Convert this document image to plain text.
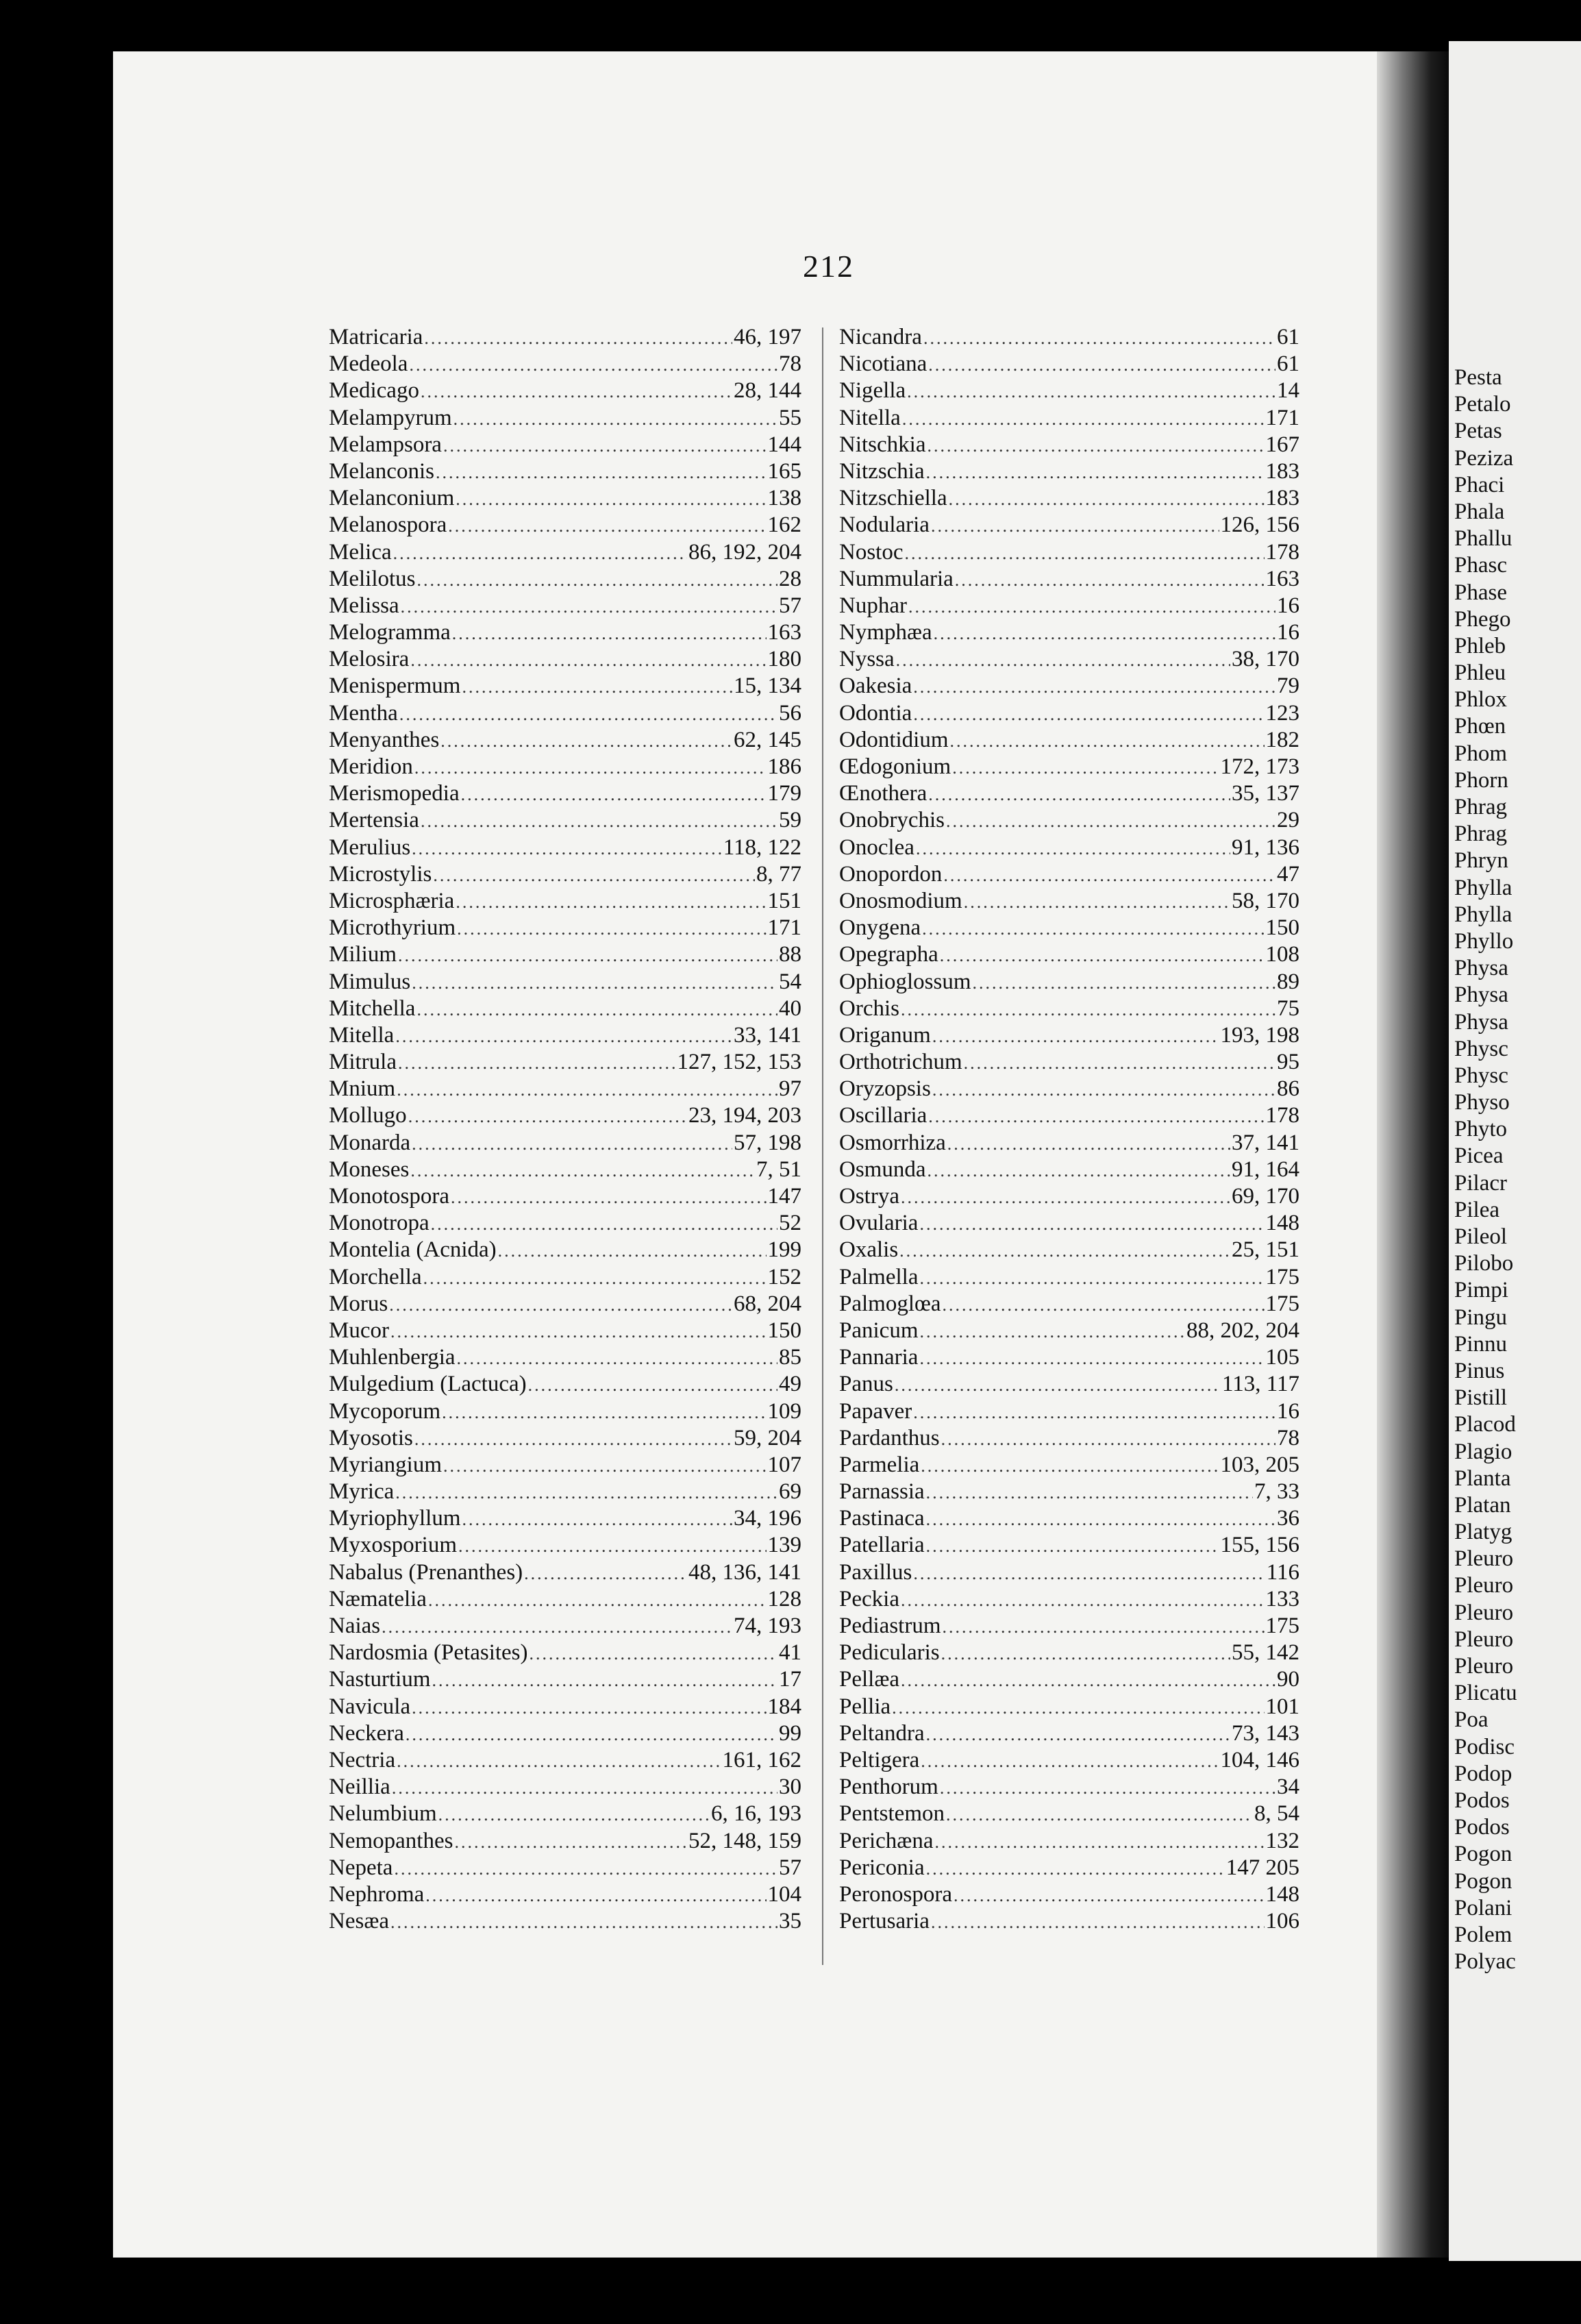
Pesta
Petalo
Petas
Peziza
Phaci
Phala
Phallu
Phasc
Phase
Phego
Phleb
Phleu
Phlox
Phœn
Phom
Phorn
Phrag
Phrag
Phryn
Phylla
Phylla
Phyllo
Physa
Physa
Physa
Physc
Physc
Physo
Phyto
Picea
Pilacr
Pilea
Pileol
Pilobo
Pimpi
Pingu
Pinnu
Pinus
Pistill
Placod
Plagio
Planta
Platan
Platyg
Pleuro
Pleuro
Pleuro
Pleuro
Pleuro
Plicatu
Poa
Podisc
Podop
Podos
Podos
Pogon
Pogon
Polani
Polem
Polyac
212
Matricaria .....	46, 197
Medeola .....	78
Medicago .....	28, 144
Melampyrum .....	55
Melampsora .....	144
Melanconis .....	165
Melanconium .....	138
Melanospora .....	162
Melica .....	86, 192, 204
Melilotus .....	28
Melissa .....	57
Melogramma .....	163
Melosira .....	180
Menispermum .....	15, 134
Mentha .....	56
Menyanthes .....	62, 145
Meridion .....	186
Merismopedia .....	179
Mertensia .....	59
Merulius .....	118, 122
Microstylis .....	8, 77
Microsphæria .....	151
Microthyrium .....	171
Milium .....	88
Mimulus .....	54
Mitchella .....	40
Mitella .....	33, 141
Mitrula .....	127, 152, 153
Mnium .....	97
Mollugo .....	23, 194, 203
Monarda .....	57, 198
Moneses .....	7, 51
Monotospora .....	147
Monotropa .....	52
Montelia (Acnida) .....	199
Morchella .....	152
Morus .....	68, 204
Mucor .....	150
Muhlenbergia .....	85
Mulgedium (Lactuca) .....	49
Mycoporum .....	109
Myosotis .....	59, 204
Myriangium .....	107
Myrica .....	69
Myriophyllum .....	34, 196
Myxosporium .....	139
Nabalus (Prenanthes) .....	48, 136, 141
Næmatelia .....	128
Naias .....	74, 193
Nardosmia (Petasites) .....	41
Nasturtium .....	17
Navicula .....	184
Neckera .....	99
Nectria .....	161, 162
Neillia .....	30
Nelumbium .....	6, 16, 193
Nemopanthes .....	52, 148, 159
Nepeta .....	57
Nephroma .....	104
Nesæa .....	35
Nicandra .....	61
Nicotiana .....	61
Nigella .....	14
Nitella .....	171
Nitschkia .....	167
Nitzschia .....	183
Nitzschiella .....	183
Nodularia .....	126, 156
Nostoc .....	178
Nummularia .....	163
Nuphar .....	16
Nymphæa .....	16
Nyssa .....	38, 170
Oakesia .....	79
Odontia .....	123
Odontidium .....	182
Œdogonium .....	172, 173
Œnothera .....	35, 137
Onobrychis .....	29
Onoclea .....	91, 136
Onopordon .....	47
Onosmodium .....	58, 170
Onygena .....	150
Opegrapha .....	108
Ophioglossum .....	89
Orchis .....	75
Origanum .....	193, 198
Orthotrichum .....	95
Oryzopsis .....	86
Oscillaria .....	178
Osmorrhiza .....	37, 141
Osmunda .....	91, 164
Ostrya .....	69, 170
Ovularia .....	148
Oxalis .....	25, 151
Palmella .....	175
Palmoglœa .....	175
Panicum .....	88, 202, 204
Pannaria .....	105
Panus .....	113, 117
Papaver .....	16
Pardanthus .....	78
Parmelia .....	103, 205
Parnassia .....	7, 33
Pastinaca .....	36
Patellaria .....	155, 156
Paxillus .....	116
Peckia .....	133
Pediastrum .....	175
Pedicularis .....	55, 142
Pellæa .....	90
Pellia .....	101
Peltandra .....	73, 143
Peltigera .....	104, 146
Penthorum .....	34
Pentstemon .....	8, 54
Perichæna .....	132
Periconia .....	147 205
Peronospora .....	148
Pertusaria .....	106
